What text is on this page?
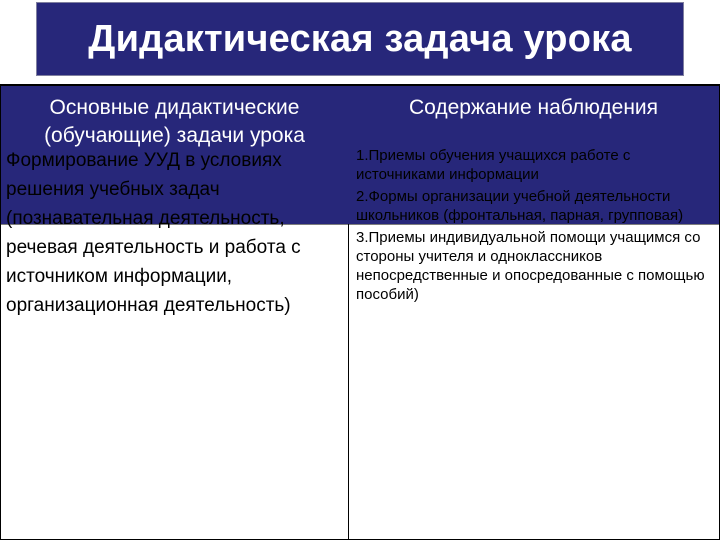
Дидактическая задача урока
Основные дидактические (обучающие) задачи урока
Содержание наблюдения
Формирование УУД в условиях решения учебных задач (познавательная деятельность, речевая деятельность и работа с источником информации, организационная деятельность)
1.Приемы обучения учащихся работе с источниками информации
2.Формы организации учебной деятельности школьников (фронтальная, парная, групповая)
3.Приемы индивидуальной помощи учащимся со стороны учителя и одноклассников непосредственные и опосредованные с помощью пособий)
